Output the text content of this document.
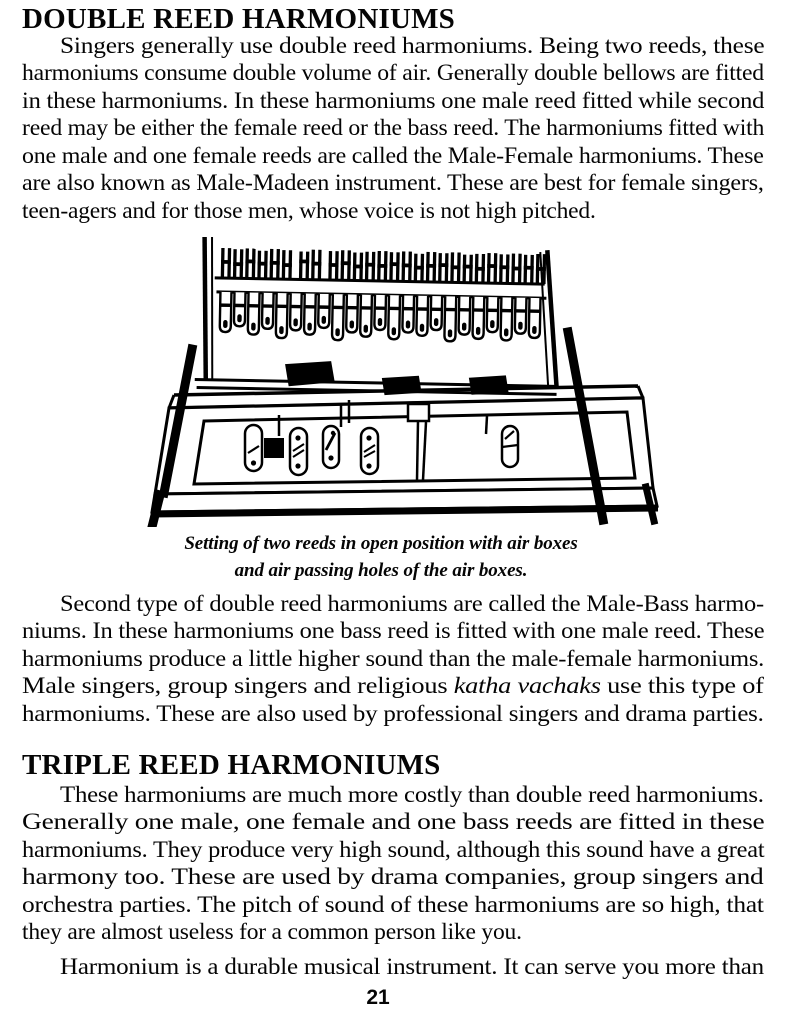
DOUBLE REED HARMONIUMS
Singers generally use double reed harmoniums. Being two reeds, these
harmoniums consume double volume of air. Generally double bellows are fitted
in these harmoniums. In these harmoniums one male reed fitted while second
reed may be either the female reed or the bass reed. The harmoniums fitted with
one male and one female reeds are called the Male-Female harmoniums. These
are also known as Male-Madeen instrument. These are best for female singers,
teen-agers and for those men, whose voice is not high pitched.
Setting of two reeds in open position with air boxes
and air passing holes of the air boxes.
Second type of double reed harmoniums are called the Male-Bass harmo-
niums. In these harmoniums one bass reed is fitted with one male reed. These
harmoniums produce a little higher sound than the male-female harmoniums.
Male singers, group singers and religious katha vachaks use this type of
harmoniums. These are also used by professional singers and drama parties.
TRIPLE REED HARMONIUMS
These harmoniums are much more costly than double reed harmoniums.
Generally one male, one female and one bass reeds are fitted in these
harmoniums. They produce very high sound, although this sound have a great
harmony too. These are used by drama companies, group singers and
orchestra parties. The pitch of sound of these harmoniums are so high, that
they are almost useless for a common person like you.
Harmonium is a durable musical instrument. It can serve you more than
21
